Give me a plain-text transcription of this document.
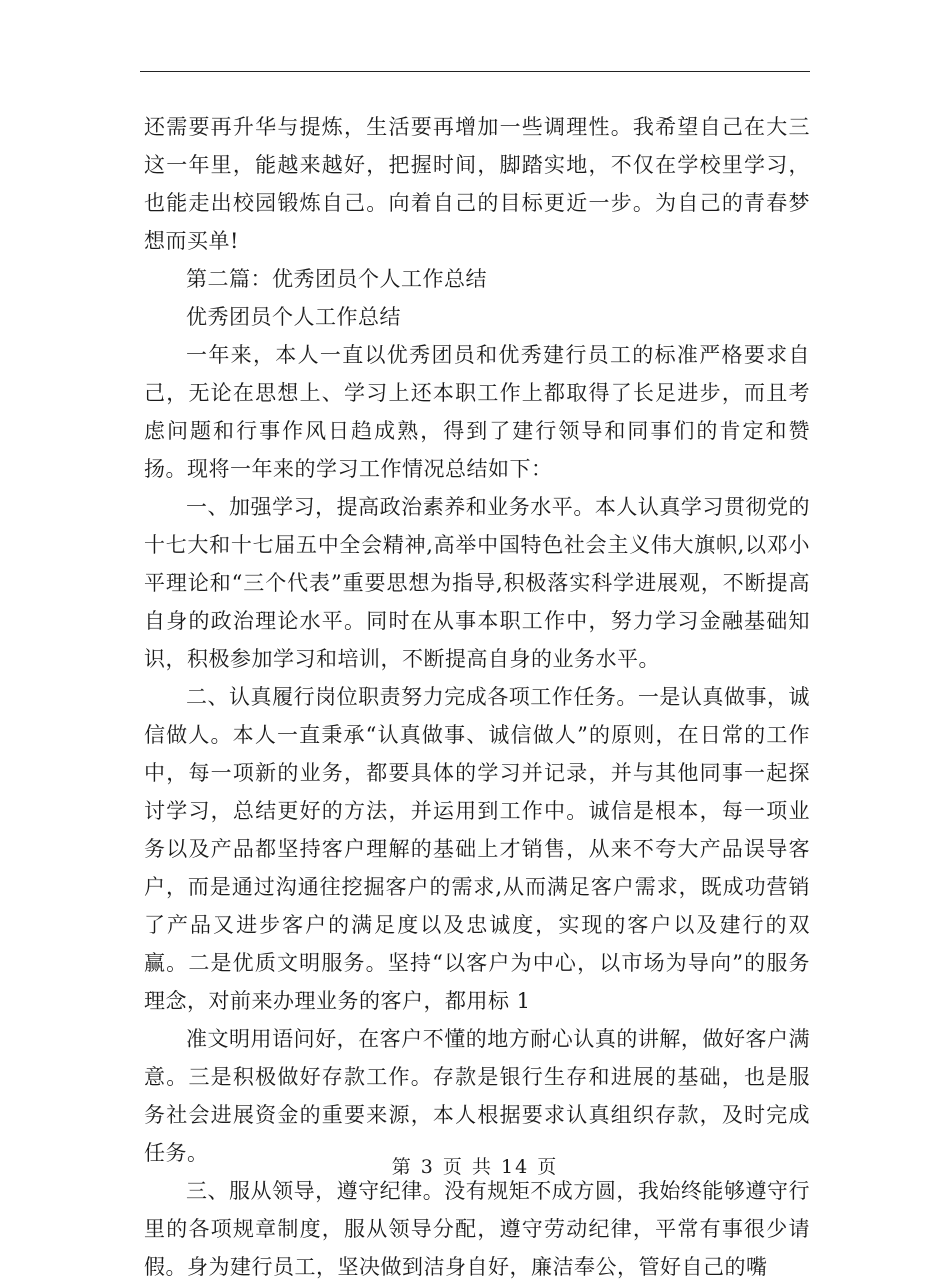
还需要再升华与提炼，生活要再增加一些调理性。我希望自己在大三这一年里，能越来越好，把握时间，脚踏实地，不仅在学校里学习，也能走出校园锻炼自己。向着自己的目标更近一步。为自己的青春梦想而买单!

第二篇：优秀团员个人工作总结

优秀团员个人工作总结

一年来，本人一直以优秀团员和优秀建行员工的标准严格要求自己，无论在思想上、学习上还本职工作上都取得了长足进步，而且考虑问题和行事作风日趋成熟，得到了建行领导和同事们的肯定和赞扬。现将一年来的学习工作情况总结如下：

一、加强学习，提高政治素养和业务水平。本人认真学习贯彻党的十七大和十七届五中全会精神,高举中国特色社会主义伟大旗帜,以邓小平理论和“三个代表”重要思想为指导,积极落实科学进展观，不断提高自身的政治理论水平。同时在从事本职工作中，努力学习金融基础知识，积极参加学习和培训，不断提高自身的业务水平。

二、认真履行岗位职责努力完成各项工作任务。一是认真做事，诚信做人。本人一直秉承“认真做事、诚信做人”的原则，在日常的工作中，每一项新的业务，都要具体的学习并记录，并与其他同事一起探讨学习，总结更好的方法，并运用到工作中。诚信是根本，每一项业务以及产品都坚持客户理解的基础上才销售，从来不夸大产品误导客户，而是通过沟通往挖掘客户的需求,从而满足客户需求，既成功营销了产品又进步客户的满足度以及忠诚度，实现的客户以及建行的双赢。二是优质文明服务。坚持“以客户为中心，以市场为导向”的服务理念，对前来办理业务的客户，都用标 1

准文明用语问好，在客户不懂的地方耐心认真的讲解，做好客户满意。三是积极做好存款工作。存款是银行生存和进展的基础，也是服务社会进展资金的重要来源，本人根据要求认真组织存款，及时完成任务。

三、服从领导，遵守纪律。没有规矩不成方圆，我始终能够遵守行里的各项规章制度，服从领导分配，遵守劳动纪律，平常有事很少请假。身为建行员工，坚决做到洁身自好，廉洁奉公，管好自己的嘴

第 3 页 共 14 页
